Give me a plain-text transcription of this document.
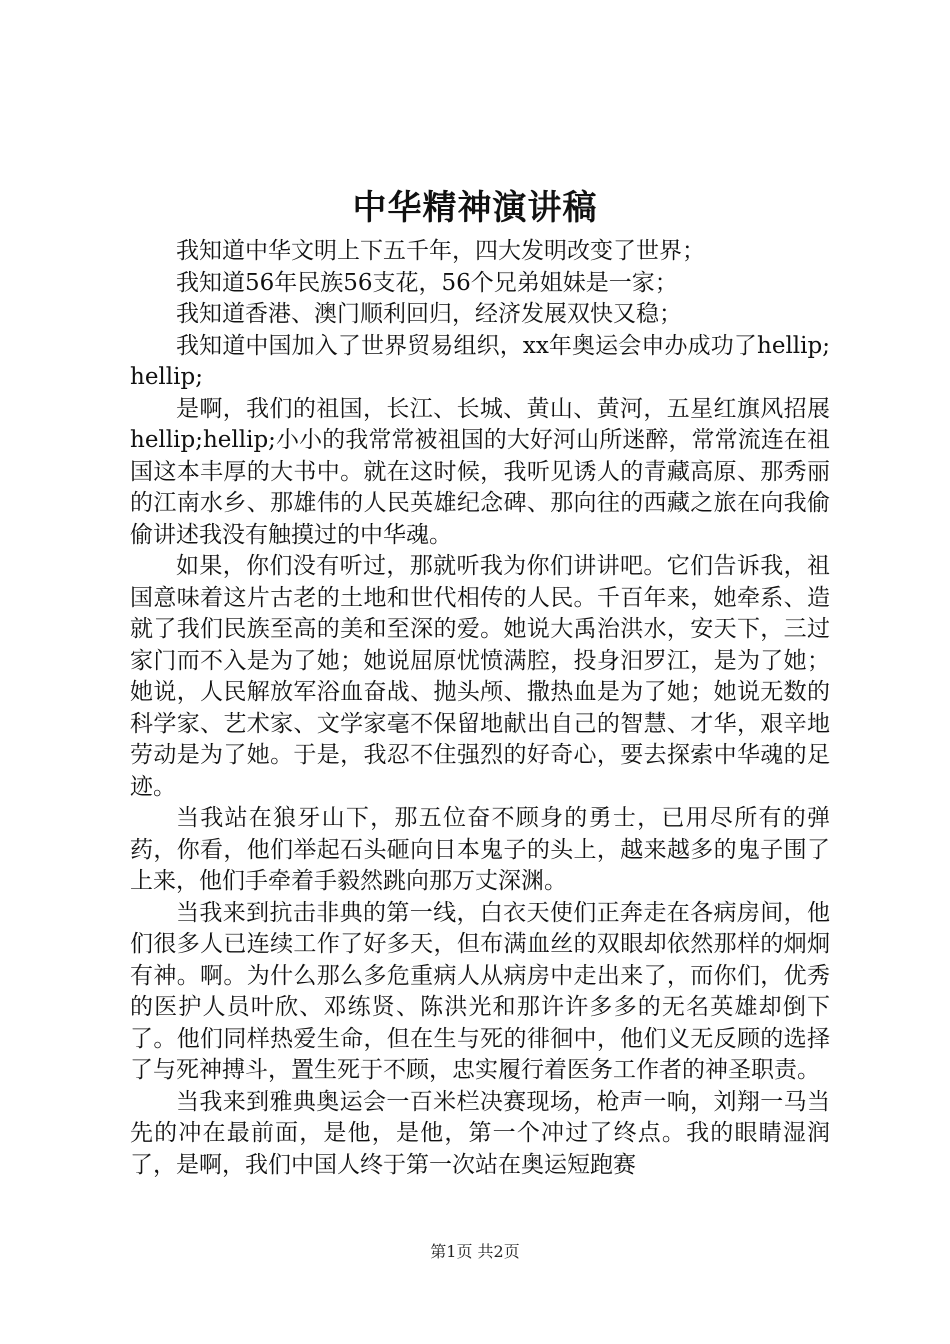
中华精神演讲稿

我知道中华文明上下五千年，四大发明改变了世界；

我知道56年民族56支花，56个兄弟姐妹是一家；

我知道香港、澳门顺利回归，经济发展双快又稳；

我知道中国加入了世界贸易组织，xx年奥运会申办成功了hellip;hellip;

是啊，我们的祖国，长江、长城、黄山、黄河，五星红旗风招展hellip;hellip;小小的我常常被祖国的大好河山所迷醉，常常流连在祖国这本丰厚的大书中。就在这时候，我听见诱人的青藏高原、那秀丽的江南水乡、那雄伟的人民英雄纪念碑、那向往的西藏之旅在向我偷偷讲述我没有触摸过的中华魂。

如果，你们没有听过，那就听我为你们讲讲吧。它们告诉我，祖国意味着这片古老的土地和世代相传的人民。千百年来，她牵系、造就了我们民族至高的美和至深的爱。她说大禹治洪水，安天下，三过家门而不入是为了她；她说屈原忧愤满腔，投身汨罗江，是为了她；她说，人民解放军浴血奋战、抛头颅、撒热血是为了她；她说无数的科学家、艺术家、文学家毫不保留地献出自己的智慧、才华，艰辛地劳动是为了她。于是，我忍不住强烈的好奇心，要去探索中华魂的足迹。

当我站在狼牙山下，那五位奋不顾身的勇士，已用尽所有的弹药，你看，他们举起石头砸向日本鬼子的头上，越来越多的鬼子围了上来，他们手牵着手毅然跳向那万丈深渊。

当我来到抗击非典的第一线，白衣天使们正奔走在各病房间，他们很多人已连续工作了好多天，但布满血丝的双眼却依然那样的炯炯有神。啊。为什么那么多危重病人从病房中走出来了，而你们，优秀的医护人员叶欣、邓练贤、陈洪光和那许许多多的无名英雄却倒下了。他们同样热爱生命，但在生与死的徘徊中，他们义无反顾的选择了与死神搏斗，置生死于不顾，忠实履行着医务工作者的神圣职责。

当我来到雅典奥运会一百米栏决赛现场，枪声一响，刘翔一马当先的冲在最前面，是他，是他，第一个冲过了终点。我的眼睛湿润了，是啊，我们中国人终于第一次站在奥运短跑赛

第1页 共2页
